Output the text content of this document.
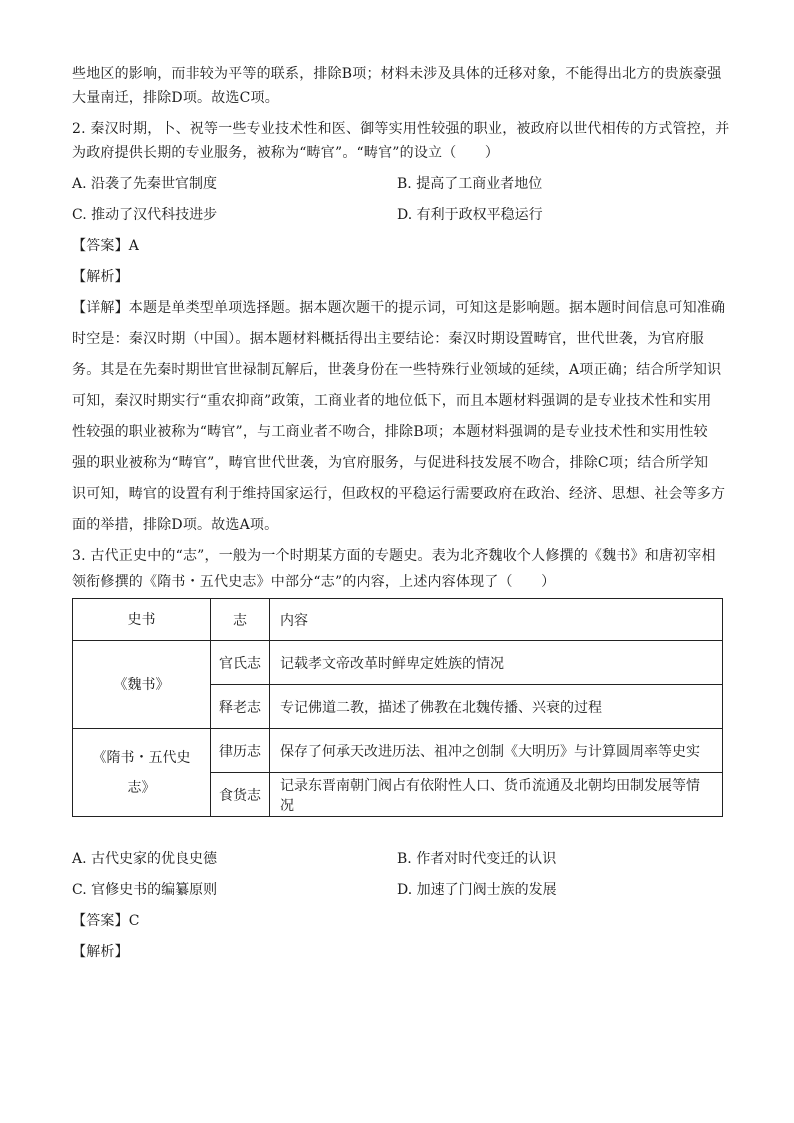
些地区的影响，而非较为平等的联系，排除B项；材料未涉及具体的迁移对象，不能得出北方的贵族豪强

大量南迁，排除D项。故选C项。

2. 秦汉时期，卜、祝等一些专业技术性和医、御等实用性较强的职业，被政府以世代相传的方式管控，并

为政府提供长期的专业服务，被称为“畴官”。“畴官”的设立（　　）

A. 沿袭了先秦世官制度	B. 提高了工商业者地位
C. 推动了汉代科技进步	D. 有利于政权平稳运行

【答案】A

【解析】

【详解】本题是单类型单项选择题。据本题次题干的提示词，可知这是影响题。据本题时间信息可知准确

时空是：秦汉时期（中国）。据本题材料概括得出主要结论：秦汉时期设置畴官，世代世袭，为官府服

务。其是在先秦时期世官世禄制瓦解后，世袭身份在一些特殊行业领域的延续，A项正确；结合所学知识

可知，秦汉时期实行“重农抑商”政策，工商业者的地位低下，而且本题材料强调的是专业技术性和实用

性较强的职业被称为“畴官”，与工商业者不吻合，排除B项；本题材料强调的是专业技术性和实用性较

强的职业被称为“畴官”，畴官世代世袭，为官府服务，与促进科技发展不吻合，排除C项；结合所学知

识可知，畴官的设置有利于维持国家运行，但政权的平稳运行需要政府在政治、经济、思想、社会等多方

面的举措，排除D项。故选A项。

3. 古代正史中的“志”，一般为一个时期某方面的专题史。表为北齐魏收个人修撰的《魏书》和唐初宰相

领衔修撰的《隋书・五代史志》中部分“志”的内容，上述内容体现了（　　）

史书	志	内容
《魏书》	官氏志	记载孝文帝改革时鲜卑定姓族的情况
	释老志	专记佛道二教，描述了佛教在北魏传播、兴衰的过程
《隋书・五代史
志》	律历志	保存了何承天改进历法、祖冲之创制《大明历》与计算圆周率等史实
	食货志	记录东晋南朝门阀占有依附性人口、货币流通及北朝均田制发展等情况
A. 古代史家的优良史德	B. 作者对时代变迁的认识
C. 官修史书的编纂原则	D. 加速了门阀士族的发展

【答案】C

【解析】
